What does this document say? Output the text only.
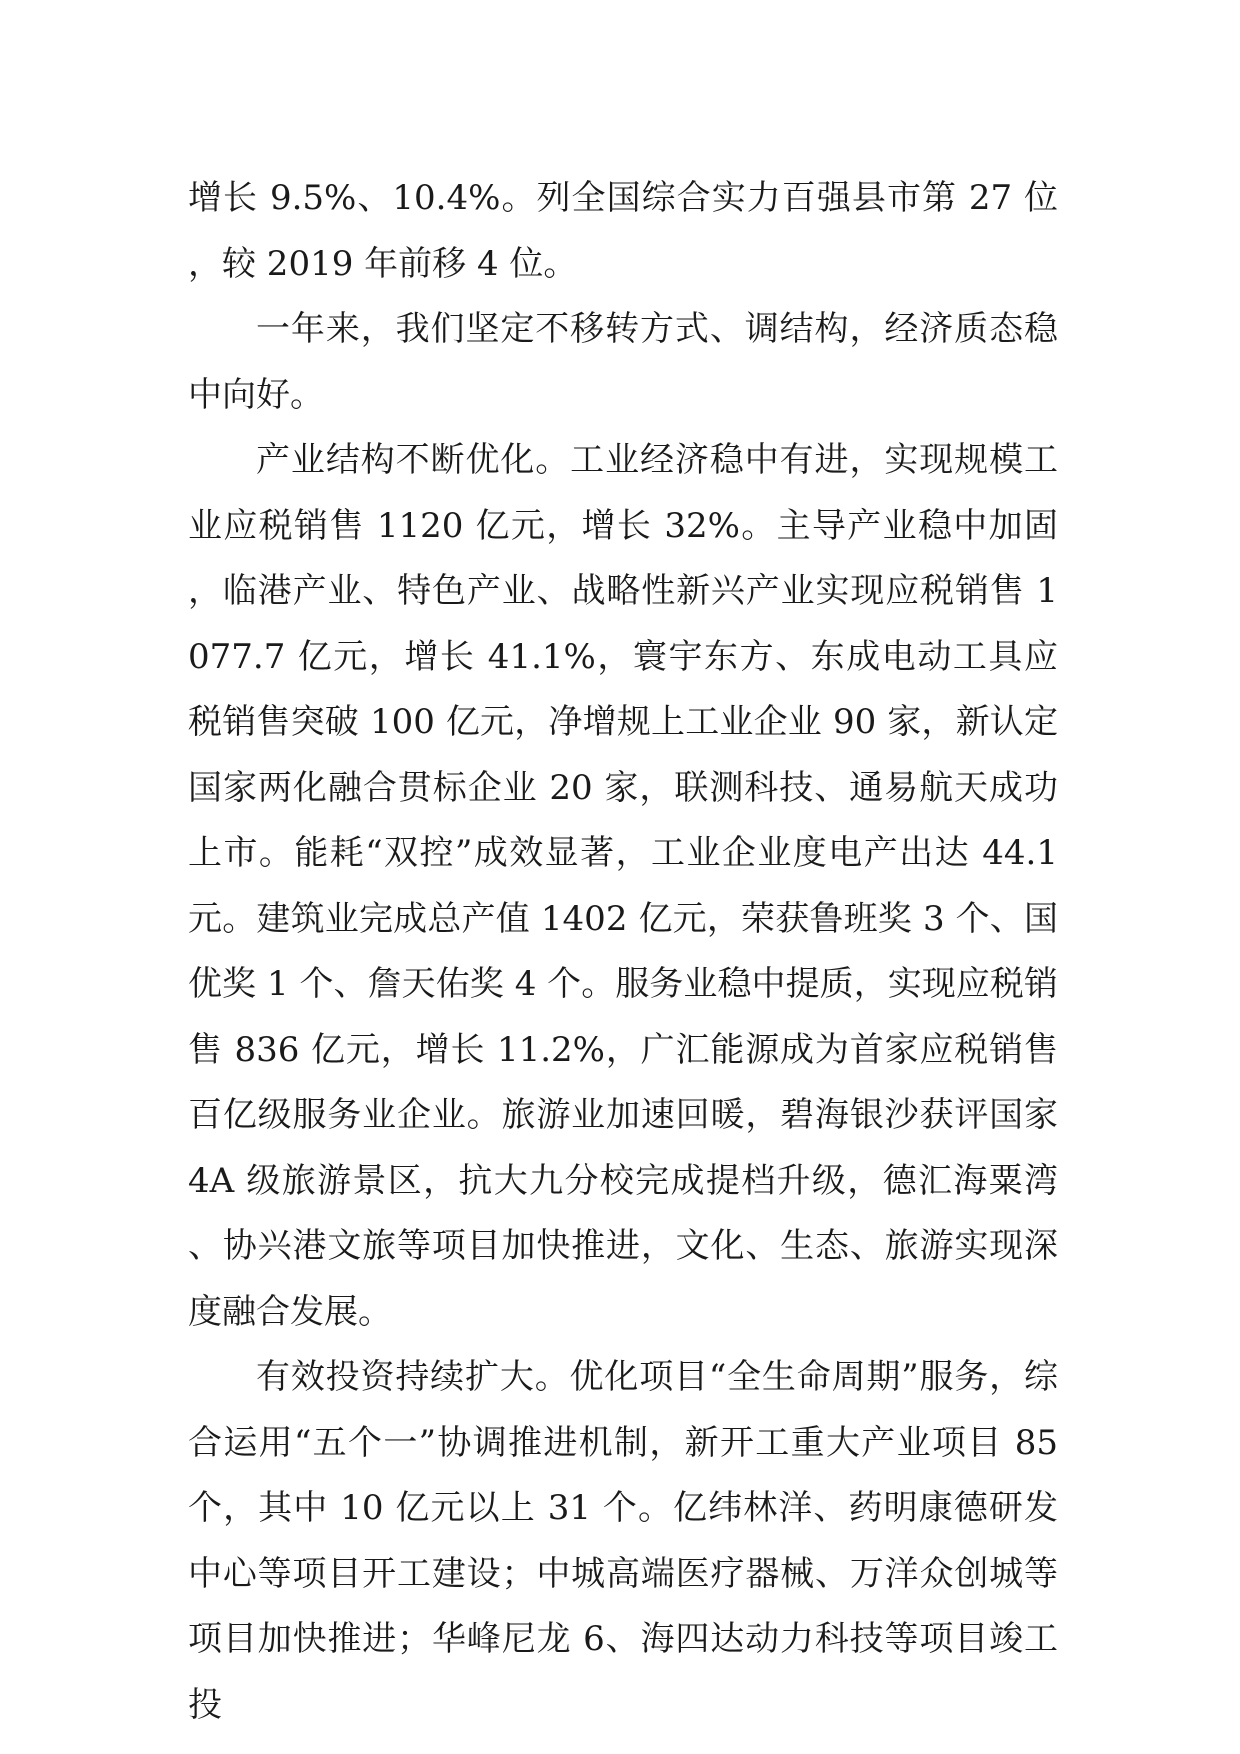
增长 9.5%、10.4%。列全国综合实力百强县市第 27 位，较 2019 年前移 4 位。

一年来，我们坚定不移转方式、调结构，经济质态稳中向好。

产业结构不断优化。工业经济稳中有进，实现规模工业应税销售 1120 亿元，增长 32%。主导产业稳中加固，临港产业、特色产业、战略性新兴产业实现应税销售 1077.7 亿元，增长 41.1%，寰宇东方、东成电动工具应税销售突破 100 亿元，净增规上工业企业 90 家，新认定国家两化融合贯标企业 20 家，联测科技、通易航天成功上市。能耗“双控”成效显著，工业企业度电产出达 44.1 元。建筑业完成总产值 1402 亿元，荣获鲁班奖 3 个、国优奖 1 个、詹天佑奖 4 个。服务业稳中提质，实现应税销售 836 亿元，增长 11.2%，广汇能源成为首家应税销售百亿级服务业企业。旅游业加速回暖，碧海银沙获评国家 4A 级旅游景区，抗大九分校完成提档升级，德汇海粟湾、协兴港文旅等项目加快推进，文化、生态、旅游实现深度融合发展。

有效投资持续扩大。优化项目“全生命周期”服务，综合运用“五个一”协调推进机制，新开工重大产业项目 85 个，其中 10 亿元以上 31 个。亿纬林洋、药明康德研发中心等项目开工建设；中城高端医疗器械、万洋众创城等项目加快推进；华峰尼龙 6、海四达动力科技等项目竣工投
